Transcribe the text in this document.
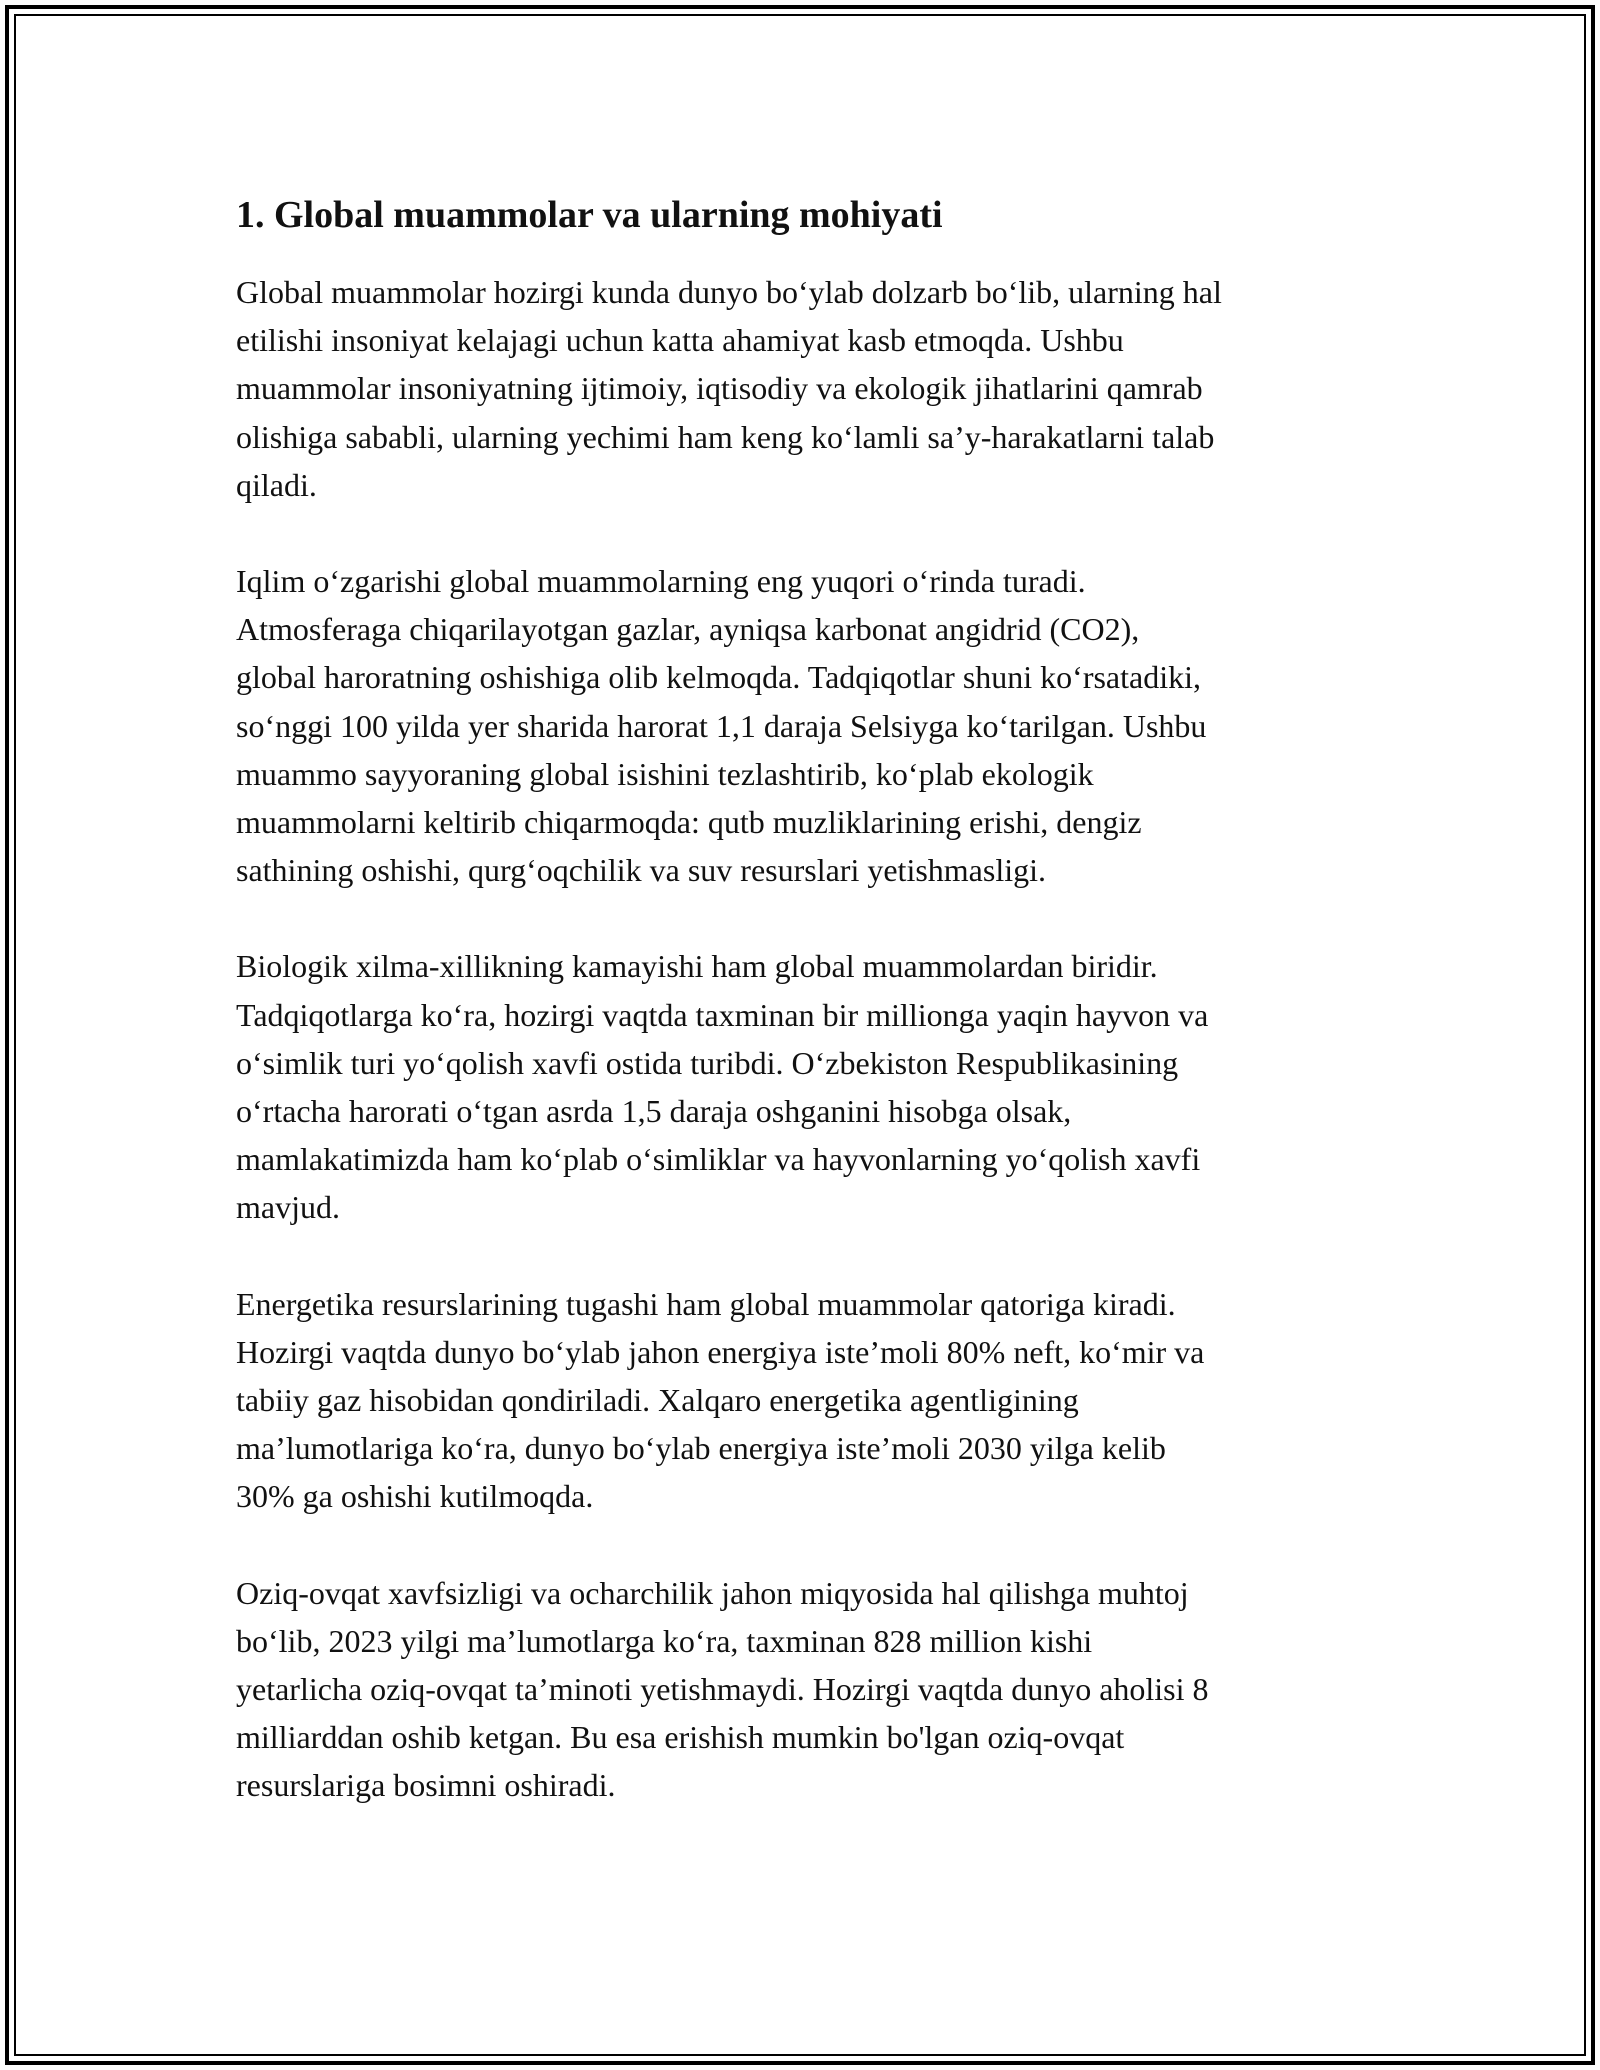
1. Global muammolar va ularning mohiyati

Global muammolar hozirgi kunda dunyo bo‘ylab dolzarb bo‘lib, ularning hal
etilishi insoniyat kelajagi uchun katta ahamiyat kasb etmoqda. Ushbu
muammolar insoniyatning ijtimoiy, iqtisodiy va ekologik jihatlarini qamrab
olishiga sababli, ularning yechimi ham keng ko‘lamli sa’y-harakatlarni talab
qiladi.

Iqlim o‘zgarishi global muammolarning eng yuqori o‘rinda turadi.
Atmosferaga chiqarilayotgan gazlar, ayniqsa karbonat angidrid (CO2),
global haroratning oshishiga olib kelmoqda. Tadqiqotlar shuni ko‘rsatadiki,
so‘nggi 100 yilda yer sharida harorat 1,1 daraja Selsiyga ko‘tarilgan. Ushbu
muammo sayyoraning global isishini tezlashtirib, ko‘plab ekologik
muammolarni keltirib chiqarmoqda: qutb muzliklarining erishi, dengiz
sathining oshishi, qurg‘oqchilik va suv resurslari yetishmasligi.

Biologik xilma-xillikning kamayishi ham global muammolardan biridir.
Tadqiqotlarga ko‘ra, hozirgi vaqtda taxminan bir millionga yaqin hayvon va
o‘simlik turi yo‘qolish xavfi ostida turibdi. O‘zbekiston Respublikasining
o‘rtacha harorati o‘tgan asrda 1,5 daraja oshganini hisobga olsak,
mamlakatimizda ham ko‘plab o‘simliklar va hayvonlarning yo‘qolish xavfi
mavjud.

Energetika resurslarining tugashi ham global muammolar qatoriga kiradi.
Hozirgi vaqtda dunyo bo‘ylab jahon energiya iste’moli 80% neft, ko‘mir va
tabiiy gaz hisobidan qondiriladi. Xalqaro energetika agentligining
ma’lumotlariga ko‘ra, dunyo bo‘ylab energiya iste’moli 2030 yilga kelib
30% ga oshishi kutilmoqda.

Oziq-ovqat xavfsizligi va ocharchilik jahon miqyosida hal qilishga muhtoj
bo‘lib, 2023 yilgi ma’lumotlarga ko‘ra, taxminan 828 million kishi
yetarlicha oziq-ovqat ta’minoti yetishmaydi. Hozirgi vaqtda dunyo aholisi 8
milliarddan oshib ketgan. Bu esa erishish mumkin bo'lgan oziq-ovqat
resurslariga bosimni oshiradi.
